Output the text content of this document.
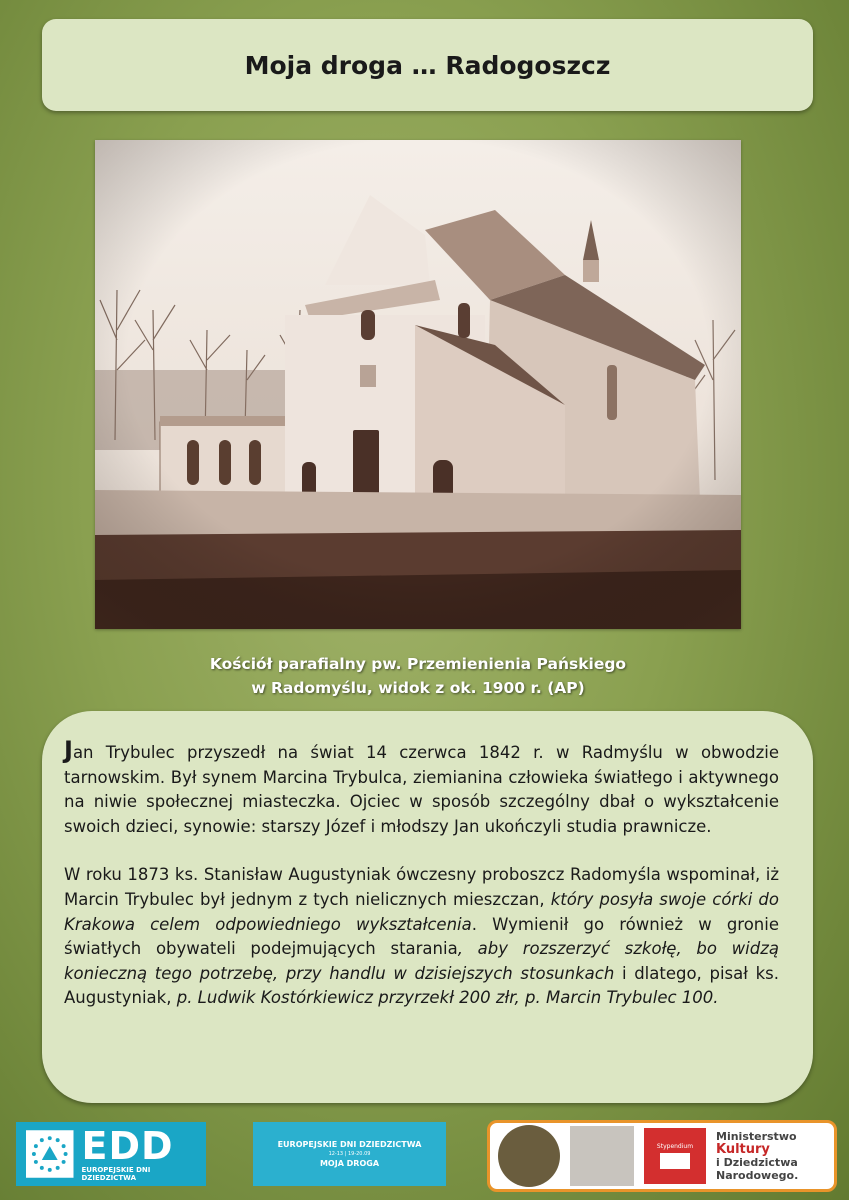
Moja droga … Radogoszcz
Kościół parafialny pw. Przemienienia Pańskiego
w Radomyślu, widok z ok. 1900 r. (AP)

Jan Trybulec przyszedł na świat 14 czerwca 1842 r. w Radmyślu w obwodzie tarnowskim. Był synem Marcina Trybulca, ziemianina człowieka światłego i aktywnego na niwie społecznej miasteczka. Ojciec w sposób szczególny dbał o wykształcenie swoich dzieci, synowie: starszy Józef i młodszy Jan ukończyli studia prawnicze.

W roku 1873 ks. Stanisław Augustyniak ówczesny proboszcz Radomyśla wspominał, iż Marcin Trybulec był jednym z tych nielicznych mieszczan, który posyła swoje córki do Krakowa celem odpowiedniego wykształcenia. Wymienił go również w gronie światłych obywateli podejmujących starania, aby rozszerzyć szkołę, bo widzą konieczną tego potrzebę, przy handlu w dzisiejszych stosunkach i dlatego, pisał ks. Augustyniak, p. Ludwik Kostórkiewicz przyrzekł 200 złr, p. Marcin Trybulec 100.

EDD
EUROPEJSKIE DNI DZIEDZICTWA
EUROPEJSKIE DNI DZIEDZICTWA
12-13 | 19-20.09
MOJA DROGA
Stypendium
Ministerstwo
Kultury
i Dziedzictwa
Narodowego.
